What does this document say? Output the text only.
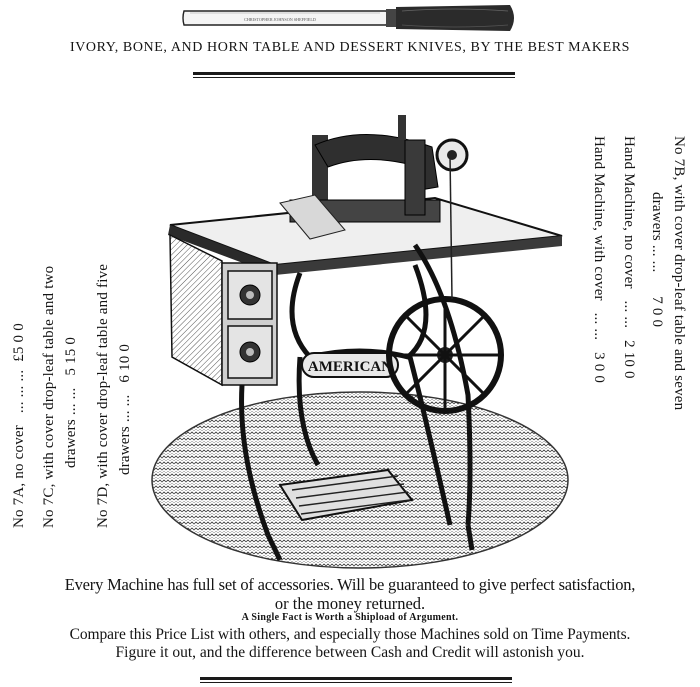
CHRISTOPHER JOHNSON SHEFFIELD
IVORY, BONE, AND HORN TABLE AND DESSERT KNIVES, BY THE BEST MAKERS
No 7A, no cover   ... ... ...  £5 0 0 No 7C, with cover drop-leaf table and two drawers ... ...   5 15 0 No 7D, with cover drop-leaf table and five drawers ... ...   6 10 0	No 7B, with cover drop-leaf table and seven
drawers ... ...      7 0 0
Hand Machine, no cover   ... ...   2 10 0
Hand Machine, with cover   ... ...   3 0 0
AMERICAN
Every Machine has full set of accessories. Will be guaranteed to give perfect satisfaction,
or the money returned.
A Single Fact is Worth a Shipload of Argument.
Compare this Price List with others, and especially those Machines sold on Time Payments.
Figure it out, and the difference between Cash and Credit will astonish you.
